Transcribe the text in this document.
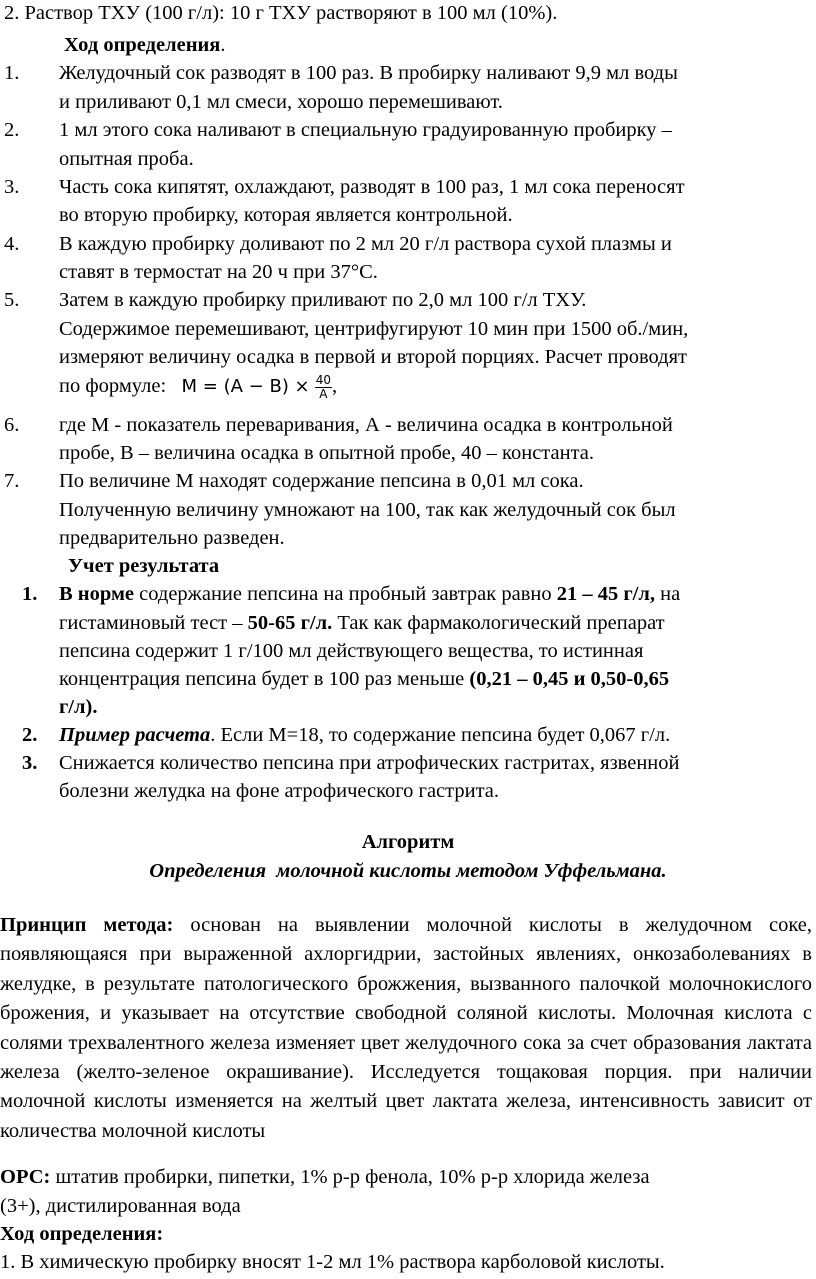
2. Раствор ТХУ (100 г/л): 10 г ТХУ растворяют в 100 мл (10%).
Ход определения.
1. Желудочный сок разводят в 100 раз. В пробирку наливают 9,9 мл воды
и приливают 0,1 мл смеси, хорошо перемешивают.
2. 1 мл этого сока наливают в специальную градуированную пробирку –
опытная проба.
3. Часть сока кипятят, охлаждают, разводят в 100 раз, 1 мл сока переносят
во вторую пробирку, которая является контрольной.
4. В каждую пробирку доливают по 2 мл 20 г/л раствора сухой плазмы и
ставят в термостат на 20 ч при 37°С.
5. Затем в каждую пробирку приливают по 2,0 мл 100 г/л ТХУ.
Содержимое перемешивают, центрифугируют 10 мин при 1500 об./мин,
измеряют величину осадка в первой и второй порциях. Расчет проводят
по формуле: $М = (А - В) \times \frac{40}{А}$ ,
6. где М - показатель переваривания, А - величина осадка в контрольной
пробе, В – величина осадка в опытной пробе, 40 – константа.
7. По величине М находят содержание пепсина в 0,01 мл сока.
Полученную величину умножают на 100, так как желудочный сок был
предварительно разведен.
Учет результата
1. В норме содержание пепсина на пробный завтрак равно 21 – 45 г/л, на
гистаминовый тест – 50-65 г/л. Так как фармакологический препарат
пепсина содержит 1 г/100 мл действующего вещества, то истинная
концентрация пепсина будет в 100 раз меньше (0,21 – 0,45 и 0,50-0,65
г/л).
2. Пример расчета. Если М=18, то содержание пепсина будет 0,067 г/л.
3. Снижается количество пепсина при атрофических гастритах, язвенной
болезни желудка на фоне атрофического гастрита.
Алгоритм
Определения  молочной кислоты методом Уффельмана.
Принцип метода: основан на выявлении молочной кислоты в желудочном соке, появляющаяся при выраженной ахлоргидрии, застойных явлениях, онкозаболеваниях в желудке, в результате патологического брожжения, вызванного палочкой молочнокислого брожения, и указывает на отсутствие свободной соляной кислоты. Молочная кислота с солями трехвалентного железа изменяет цвет желудочного сока за счет образования лактата железа (желто-зеленое окрашивание). Исследуется тощаковая порция. при наличии молочной кислоты изменяется на желтый цвет лактата железа, интенсивность зависит от количества молочной кислоты
ОРС: штатив пробирки, пипетки, 1% р-р фенола, 10% р-р хлорида железа
(3+), дистилированная вода
Ход определения:
1. В химическую пробирку вносят 1-2 мл 1% раствора карболовой кислоты.
